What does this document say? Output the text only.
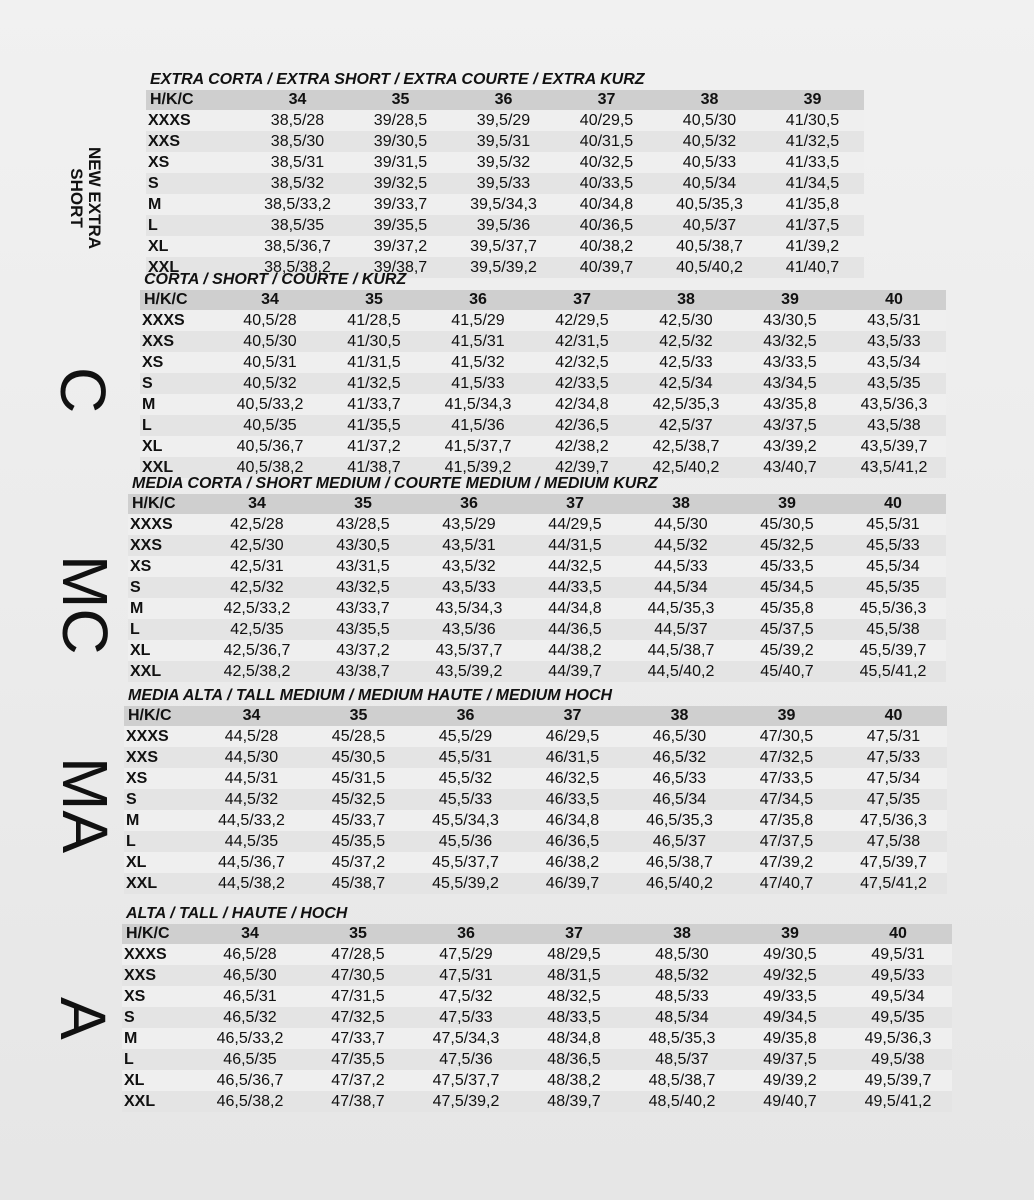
NEW EXTRA
SHORT
C
MC
MA
A
EXTRA CORTA / EXTRA SHORT / EXTRA COURTE / EXTRA KURZ
H/K/C	34	35	36	37	38	39
XXXS	38,5/28	39/28,5	39,5/29	40/29,5	40,5/30	41/30,5
XXS	38,5/30	39/30,5	39,5/31	40/31,5	40,5/32	41/32,5
XS	38,5/31	39/31,5	39,5/32	40/32,5	40,5/33	41/33,5
S	38,5/32	39/32,5	39,5/33	40/33,5	40,5/34	41/34,5
M	38,5/33,2	39/33,7	39,5/34,3	40/34,8	40,5/35,3	41/35,8
L	38,5/35	39/35,5	39,5/36	40/36,5	40,5/37	41/37,5
XL	38,5/36,7	39/37,2	39,5/37,7	40/38,2	40,5/38,7	41/39,2
XXL	38,5/38,2	39/38,7	39,5/39,2	40/39,7	40,5/40,2	41/40,7
CORTA / SHORT / COURTE / KURZ
H/K/C	34	35	36	37	38	39	40
XXXS	40,5/28	41/28,5	41,5/29	42/29,5	42,5/30	43/30,5	43,5/31
XXS	40,5/30	41/30,5	41,5/31	42/31,5	42,5/32	43/32,5	43,5/33
XS	40,5/31	41/31,5	41,5/32	42/32,5	42,5/33	43/33,5	43,5/34
S	40,5/32	41/32,5	41,5/33	42/33,5	42,5/34	43/34,5	43,5/35
M	40,5/33,2	41/33,7	41,5/34,3	42/34,8	42,5/35,3	43/35,8	43,5/36,3
L	40,5/35	41/35,5	41,5/36	42/36,5	42,5/37	43/37,5	43,5/38
XL	40,5/36,7	41/37,2	41,5/37,7	42/38,2	42,5/38,7	43/39,2	43,5/39,7
XXL	40,5/38,2	41/38,7	41,5/39,2	42/39,7	42,5/40,2	43/40,7	43,5/41,2
MEDIA CORTA / SHORT MEDIUM / COURTE MEDIUM / MEDIUM KURZ
H/K/C	34	35	36	37	38	39	40
XXXS	42,5/28	43/28,5	43,5/29	44/29,5	44,5/30	45/30,5	45,5/31
XXS	42,5/30	43/30,5	43,5/31	44/31,5	44,5/32	45/32,5	45,5/33
XS	42,5/31	43/31,5	43,5/32	44/32,5	44,5/33	45/33,5	45,5/34
S	42,5/32	43/32,5	43,5/33	44/33,5	44,5/34	45/34,5	45,5/35
M	42,5/33,2	43/33,7	43,5/34,3	44/34,8	44,5/35,3	45/35,8	45,5/36,3
L	42,5/35	43/35,5	43,5/36	44/36,5	44,5/37	45/37,5	45,5/38
XL	42,5/36,7	43/37,2	43,5/37,7	44/38,2	44,5/38,7	45/39,2	45,5/39,7
XXL	42,5/38,2	43/38,7	43,5/39,2	44/39,7	44,5/40,2	45/40,7	45,5/41,2
MEDIA ALTA / TALL MEDIUM / MEDIUM HAUTE / MEDIUM HOCH
H/K/C	34	35	36	37	38	39	40
XXXS	44,5/28	45/28,5	45,5/29	46/29,5	46,5/30	47/30,5	47,5/31
XXS	44,5/30	45/30,5	45,5/31	46/31,5	46,5/32	47/32,5	47,5/33
XS	44,5/31	45/31,5	45,5/32	46/32,5	46,5/33	47/33,5	47,5/34
S	44,5/32	45/32,5	45,5/33	46/33,5	46,5/34	47/34,5	47,5/35
M	44,5/33,2	45/33,7	45,5/34,3	46/34,8	46,5/35,3	47/35,8	47,5/36,3
L	44,5/35	45/35,5	45,5/36	46/36,5	46,5/37	47/37,5	47,5/38
XL	44,5/36,7	45/37,2	45,5/37,7	46/38,2	46,5/38,7	47/39,2	47,5/39,7
XXL	44,5/38,2	45/38,7	45,5/39,2	46/39,7	46,5/40,2	47/40,7	47,5/41,2
ALTA / TALL / HAUTE / HOCH
H/K/C	34	35	36	37	38	39	40
XXXS	46,5/28	47/28,5	47,5/29	48/29,5	48,5/30	49/30,5	49,5/31
XXS	46,5/30	47/30,5	47,5/31	48/31,5	48,5/32	49/32,5	49,5/33
XS	46,5/31	47/31,5	47,5/32	48/32,5	48,5/33	49/33,5	49,5/34
S	46,5/32	47/32,5	47,5/33	48/33,5	48,5/34	49/34,5	49,5/35
M	46,5/33,2	47/33,7	47,5/34,3	48/34,8	48,5/35,3	49/35,8	49,5/36,3
L	46,5/35	47/35,5	47,5/36	48/36,5	48,5/37	49/37,5	49,5/38
XL	46,5/36,7	47/37,2	47,5/37,7	48/38,2	48,5/38,7	49/39,2	49,5/39,7
XXL	46,5/38,2	47/38,7	47,5/39,2	48/39,7	48,5/40,2	49/40,7	49,5/41,2
